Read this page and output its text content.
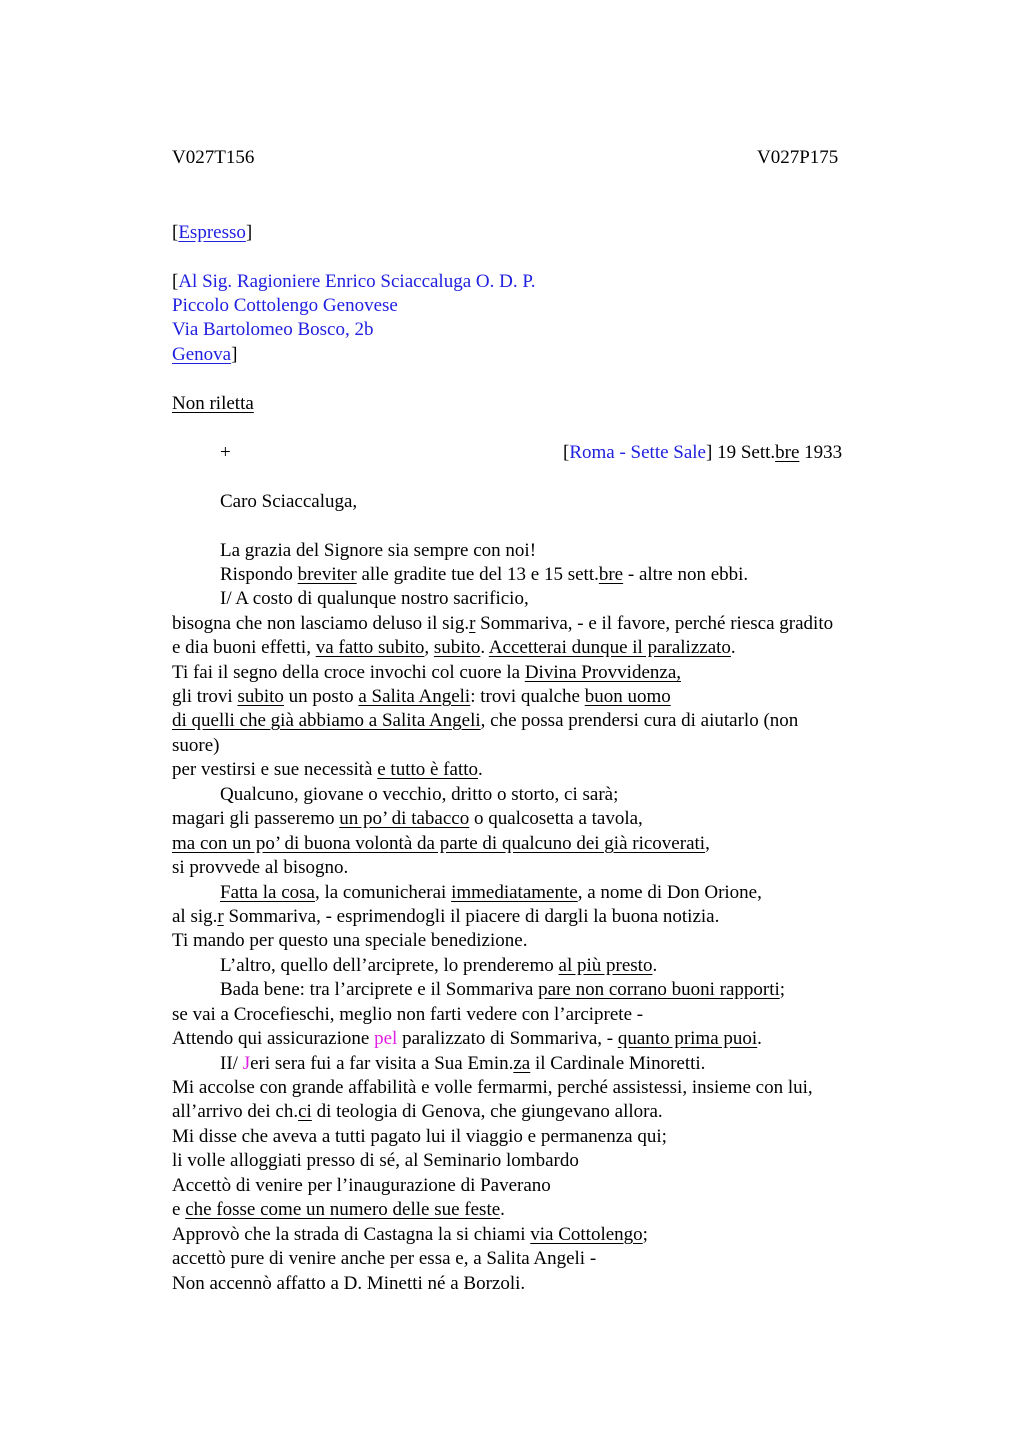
V027T156	V027P175
[Espresso]
[Al Sig. Ragioniere Enrico Sciaccaluga O. D. P.
Piccolo Cottolengo Genovese
Via Bartolomeo Bosco, 2b
Genova]
Non riletta
+	[Roma - Sette Sale] 19 Sett.bre 1933
Caro Sciaccaluga,
La grazia del Signore sia sempre con noi!
Rispondo breviter alle gradite tue del 13 e 15 sett.bre - altre non ebbi.
I/ A costo di qualunque nostro sacrificio,
bisogna che non lasciamo deluso il sig.r Sommariva, - e il favore, perché riesca gradito
e dia buoni effetti, va fatto subito, subito. Accetterai dunque il paralizzato.
Ti fai il segno della croce invochi col cuore la Divina Provvidenza,
gli trovi subito un posto a Salita Angeli: trovi qualche buon uomo
di quelli che già abbiamo a Salita Angeli, che possa prendersi cura di aiutarlo (non
suore)
per vestirsi e sue necessità e tutto è fatto.
Qualcuno, giovane o vecchio, dritto o storto, ci sarà;
magari gli passeremo un po’ di tabacco o qualcosetta a tavola,
ma con un po’ di buona volontà da parte di qualcuno dei già ricoverati,
si provvede al bisogno.
Fatta la cosa, la comunicherai immediatamente, a nome di Don Orione,
al sig.r Sommariva, - esprimendogli il piacere di dargli la buona notizia.
Ti mando per questo una speciale benedizione.
L’altro, quello dell’arciprete, lo prenderemo al più presto.
Bada bene: tra l’arciprete e il Sommariva pare non corrano buoni rapporti;
se vai a Crocefieschi, meglio non farti vedere con l’arciprete -
Attendo qui assicurazione pel paralizzato di Sommariva, - quanto prima puoi.
II/ Jeri sera fui a far visita a Sua Emin.za il Cardinale Minoretti.
Mi accolse con grande affabilità e volle fermarmi, perché assistessi, insieme con lui,
all’arrivo dei ch.ci di teologia di Genova, che giungevano allora.
Mi disse che aveva a tutti pagato lui il viaggio e permanenza qui;
li volle alloggiati presso di sé, al Seminario lombardo
Accettò di venire per l’inaugurazione di Paverano
e che fosse come un numero delle sue feste.
Approvò che la strada di Castagna la si chiami via Cottolengo;
accettò pure di venire anche per essa e, a Salita Angeli -
Non accennò affatto a D. Minetti né a Borzoli.
